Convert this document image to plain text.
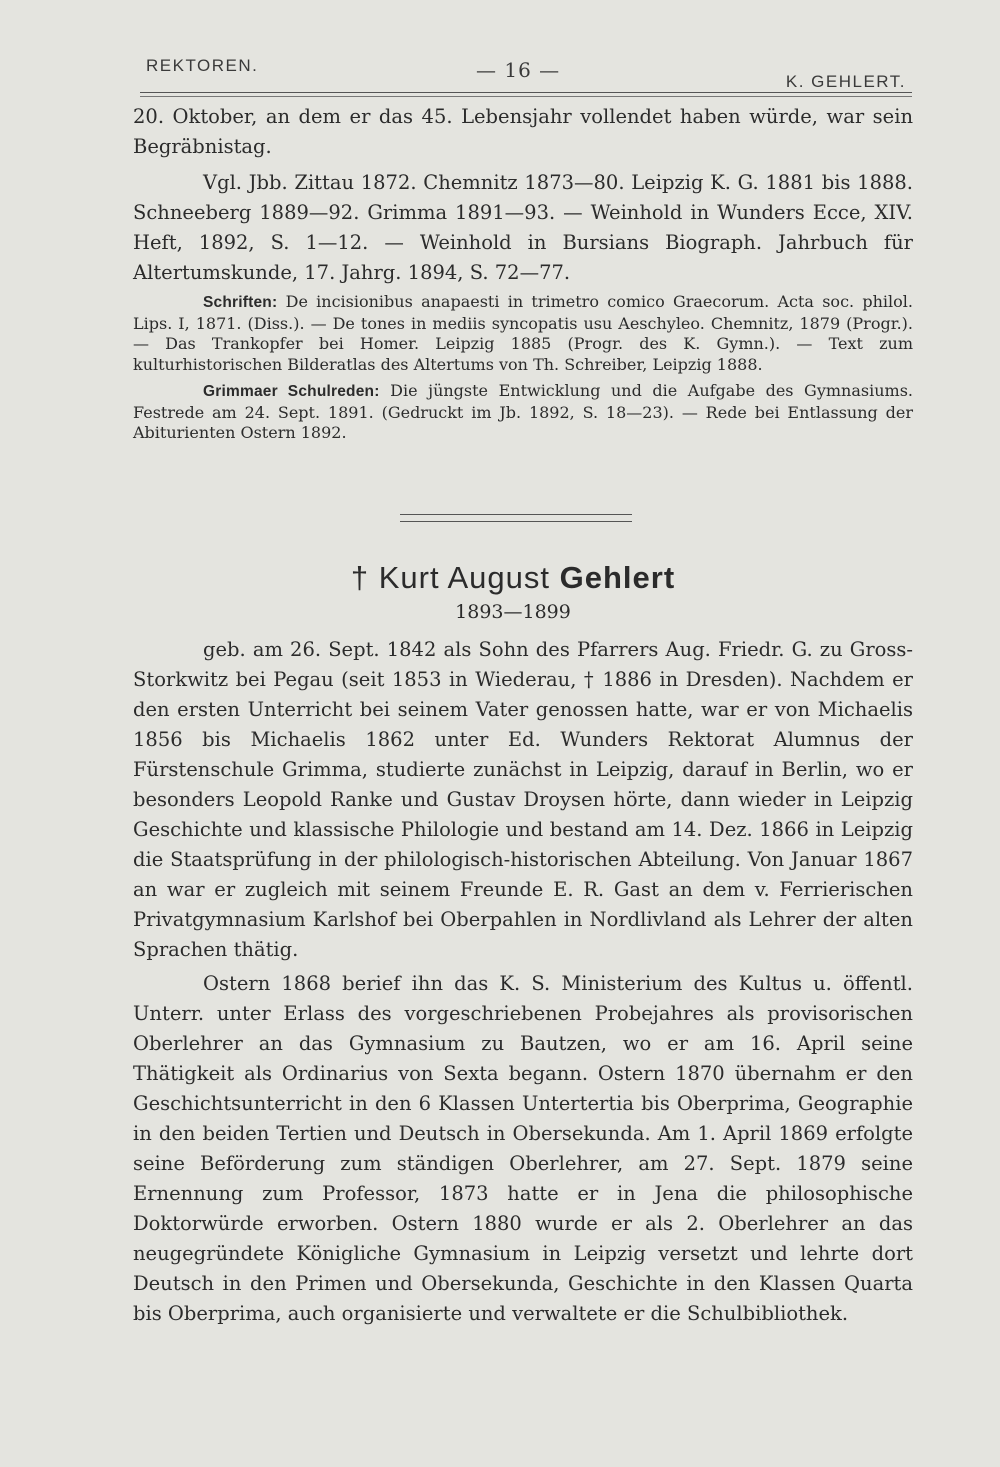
REKTOREN.	— 16 —	K. GEHLERT.

20. Oktober, an dem er das 45. Lebensjahr vollendet haben würde, war sein Begräbnistag.

Vgl. Jbb. Zittau 1872. Chemnitz 1873—80. Leipzig K. G. 1881 bis 1888. Schneeberg 1889—92. Grimma 1891—93. — Weinhold in Wunders Ecce, XIV. Heft, 1892, S. 1—12. — Weinhold in Bursians Biograph. Jahrbuch für Altertumskunde, 17. Jahrg. 1894, S. 72—77.

Schriften: De incisionibus anapaesti in trimetro comico Graecorum. Acta soc. philol. Lips. I, 1871. (Diss.). — De tones in mediis syncopatis usu Aeschyleo. Chemnitz, 1879 (Progr.). — Das Trankopfer bei Homer. Leipzig 1885 (Progr. des K. Gymn.). — Text zum kulturhistorischen Bilderatlas des Altertums von Th. Schreiber, Leipzig 1888.

Grimmaer Schulreden: Die jüngste Entwicklung und die Aufgabe des Gymnasiums. Festrede am 24. Sept. 1891. (Gedruckt im Jb. 1892, S. 18—23). — Rede bei Entlassung der Abiturienten Ostern 1892.

† Kurt August Gehlert
1893—1899

geb. am 26. Sept. 1842 als Sohn des Pfarrers Aug. Friedr. G. zu Gross-Storkwitz bei Pegau (seit 1853 in Wiederau, † 1886 in Dresden). Nachdem er den ersten Unterricht bei seinem Vater genossen hatte, war er von Michaelis 1856 bis Michaelis 1862 unter Ed. Wunders Rektorat Alumnus der Fürstenschule Grimma, studierte zunächst in Leipzig, darauf in Berlin, wo er besonders Leopold Ranke und Gustav Droysen hörte, dann wieder in Leipzig Geschichte und klassische Philologie und bestand am 14. Dez. 1866 in Leipzig die Staatsprüfung in der philologisch-historischen Abteilung. Von Januar 1867 an war er zugleich mit seinem Freunde E. R. Gast an dem v. Ferrierischen Privatgymnasium Karlshof bei Oberpahlen in Nordlivland als Lehrer der alten Sprachen thätig.

Ostern 1868 berief ihn das K. S. Ministerium des Kultus u. öffentl. Unterr. unter Erlass des vorgeschriebenen Probejahres als provisorischen Oberlehrer an das Gymnasium zu Bautzen, wo er am 16. April seine Thätigkeit als Ordinarius von Sexta begann. Ostern 1870 übernahm er den Geschichtsunterricht in den 6 Klassen Untertertia bis Oberprima, Geographie in den beiden Tertien und Deutsch in Obersekunda. Am 1. April 1869 erfolgte seine Beförderung zum ständigen Oberlehrer, am 27. Sept. 1879 seine Ernennung zum Professor, 1873 hatte er in Jena die philosophische Doktorwürde erworben. Ostern 1880 wurde er als 2. Oberlehrer an das neugegründete Königliche Gymnasium in Leipzig versetzt und lehrte dort Deutsch in den Primen und Obersekunda, Geschichte in den Klassen Quarta bis Oberprima, auch organisierte und verwaltete er die Schulbibliothek.
